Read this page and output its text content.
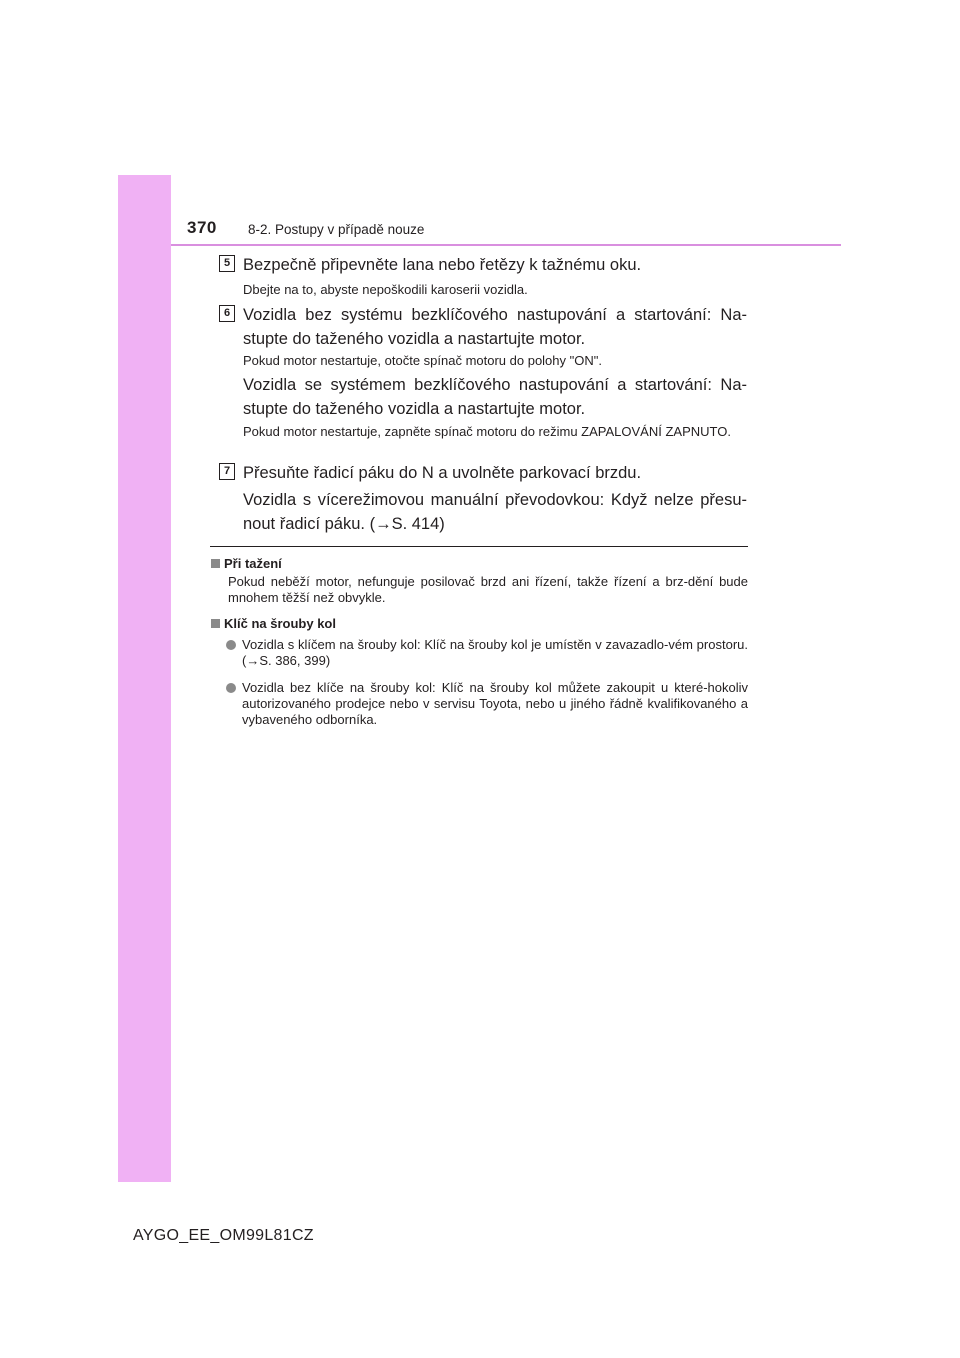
370 8-2. Postupy v případě nouze
5 Bezpečně připevněte lana nebo řetězy k tažnému oku.

Dbejte na to, abyste nepoškodili karoserii vozidla.

6 Vozidla bez systému bezklíčového nastupování a startování: Na-stupte do taženého vozidla a nastartujte motor.

Pokud motor nestartuje, otočte spínač motoru do polohy "ON".

Vozidla se systémem bezklíčového nastupování a startování: Na-stupte do taženého vozidla a nastartujte motor.

Pokud motor nestartuje, zapněte spínač motoru do režimu ZAPALOVÁNÍ ZAPNUTO.

7 Přesuňte řadicí páku do N a uvolněte parkovací brzdu.

Vozidla s vícerežimovou manuální převodovkou: Když nelze přesu-nout řadicí páku. (→S. 414)

Při tažení

Pokud neběží motor, nefunguje posilovač brzd ani řízení, takže řízení a brz-dění bude mnohem těžší než obvykle.

Klíč na šrouby kol

Vozidla s klíčem na šrouby kol: Klíč na šrouby kol je umístěn v zavazadlo-vém prostoru. (→S. 386, 399)

Vozidla bez klíče na šrouby kol: Klíč na šrouby kol můžete zakoupit u které-hokoliv autorizovaného prodejce nebo v servisu Toyota, nebo u jiného řádně kvalifikovaného a vybaveného odborníka.

AYGO_EE_OM99L81CZ
